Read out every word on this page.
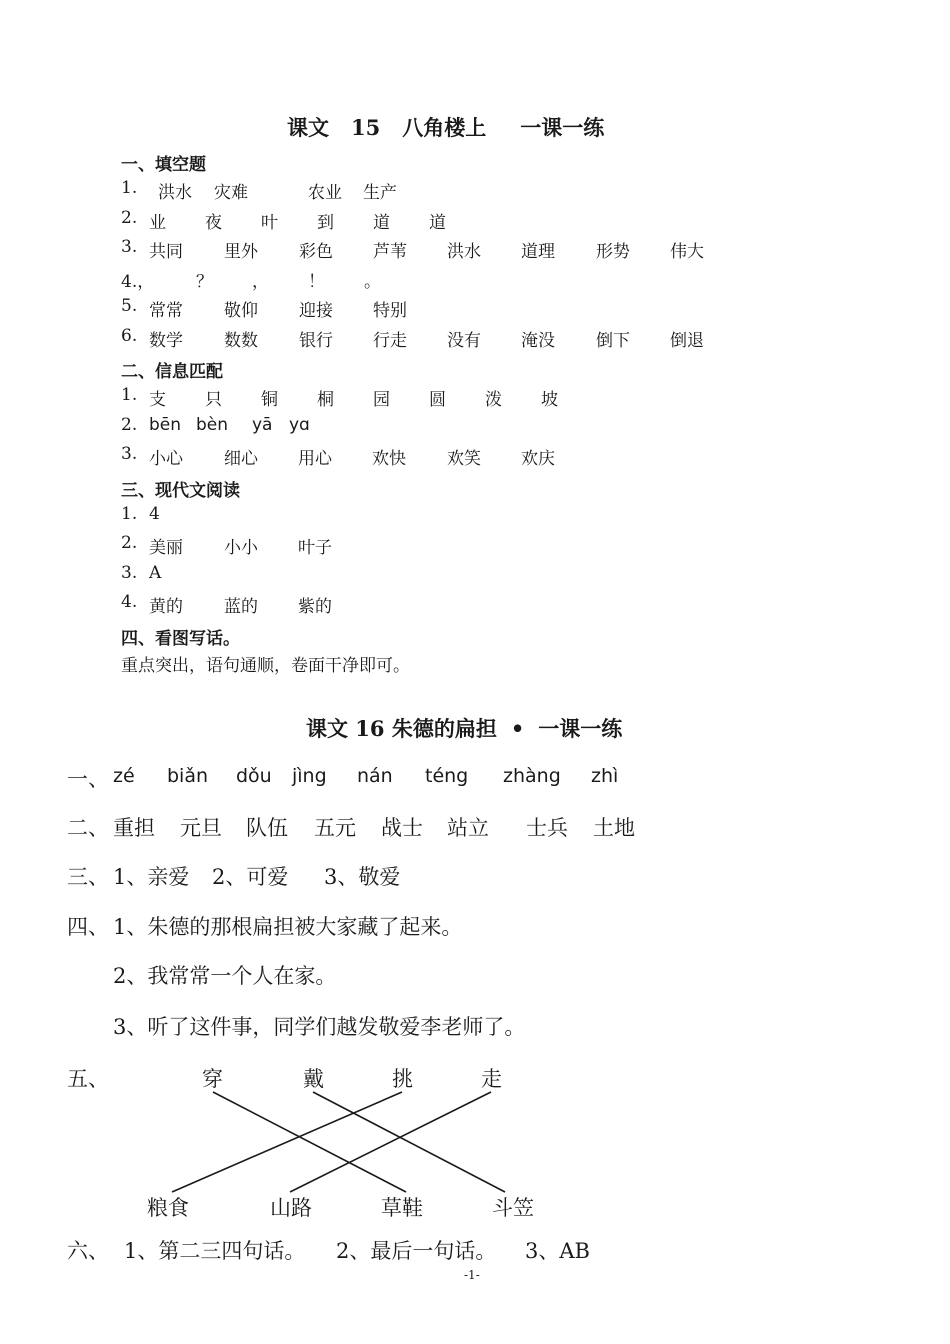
课文 15 八角楼上 一课一练
一、填空题
1. 洪水 灾难	农业 生产
2. 业 夜 叶 到 道 道
3. 共同 里外 彩色 芦苇 洪水 道理 形势 伟大
4.， ？ ， ！ 。
5. 常常 敬仰 迎接 特别
6. 数学 数数 银行 行走 没有 淹没 倒下 倒退
二、信息匹配
1. 支 只 铜 桐 园 圆 泼 坡
2. bēn bèn yā yɑ
3. 小心 细心 用心 欢快 欢笑 欢庆
三、现代文阅读
1. 4
2. 美丽 小小 叶子
3. A
4. 黄的 蓝的 紫的
四、看图写话。
重点突出，语句通顺，卷面干净即可。
课文 16 朱德的扁担 • 一课一练
一、 zé biǎn dǒu jìng nán téng zhàng zhì
二、 重担 元旦 队伍 五元 战士 站立 士兵 土地
三、 1、亲爱 2、可爱 3、敬爱
四、 1、朱德的那根扁担被大家藏了起来。
2、我常常一个人在家。
3、听了这件事，同学们越发敬爱李老师了。
五、	穿	戴	挑	走
粮食	山路	草鞋	斗笠
六、 1、第二三四句话。 2、最后一句话。 3、AB
-1-
